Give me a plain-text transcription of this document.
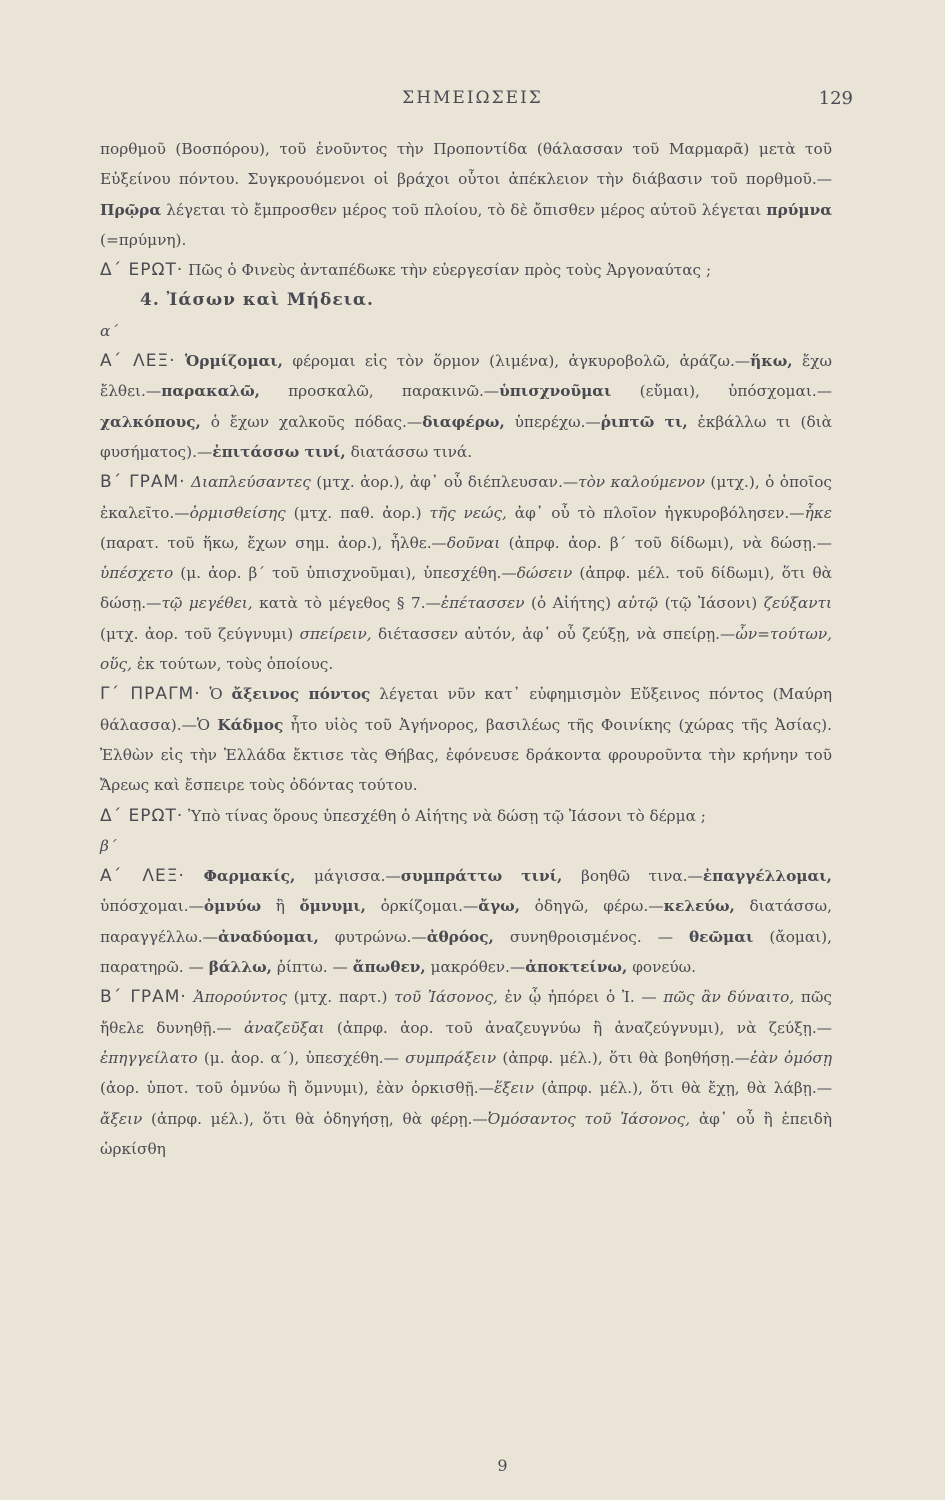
ΣΗΜΕΙΩΣΕΙΣ	129

πορθμοῦ (Βοσπόρου), τοῦ ἑνοῦντος τὴν Προποντίδα (θάλασσαν τοῦ Μαρμαρᾶ) μετὰ τοῦ Εὐξείνου πόντου. Συγκρουόμενοι οἱ βράχοι οὗτοι ἀπέκλειον τὴν διάβασιν τοῦ πορθμοῦ.—Πρῷρα λέγεται τὸ ἔμπροσθεν μέρος τοῦ πλοίου, τὸ δὲ ὄπισθεν μέρος αὐτοῦ λέγεται πρύμνα (=πρύμνη).

Δ΄ ΕΡΩΤ· Πῶς ὁ Φινεὺς ἀνταπέδωκε τὴν εὐεργεσίαν πρὸς τοὺς Ἀργοναύτας ;

4. Ἰάσων καὶ Μήδεια.

α΄

Α΄ ΛΕΞ· Ὁρμίζομαι, φέρομαι εἰς τὸν ὅρμον (λιμένα), ἀγκυροβολῶ, ἀράζω.—ἥκω, ἔχω ἔλθει.—παρακαλῶ, προσκαλῶ, παρακινῶ.—ὑπισχνοῦμαι (εὔμαι), ὑπόσχομαι.—χαλκόπους, ὁ ἔχων χαλκοῦς πόδας.—διαφέρω, ὑπερέχω.—ῥιπτῶ τι, ἐκβάλλω τι (διὰ φυσήματος).—ἐπιτάσσω τινί, διατάσσω τινά.

Β΄ ΓΡΑΜ· Διαπλεύσαντες (μτχ. ἀορ.), ἀφ᾽ οὗ διέπλευσαν.—τὸν καλούμενον (μτχ.), ὁ ὁποῖος ἐκαλεῖτο.—ὁρμισθείσης (μτχ. παθ. ἀορ.) τῆς νεώς, ἀφ᾽ οὗ τὸ πλοῖον ἠγκυροβόλησεν.—ἧκε (παρατ. τοῦ ἥκω, ἔχων σημ. ἀορ.), ἦλθε.—δοῦναι (ἀπρφ. ἀορ. β΄ τοῦ δίδωμι), νὰ δώσῃ.—ὑπέσχετο (μ. ἀορ. β΄ τοῦ ὑπισχνοῦμαι), ὑπεσχέθη.—δώσειν (ἀπρφ. μέλ. τοῦ δίδωμι), ὅτι θὰ δώσῃ.—τῷ μεγέθει, κατὰ τὸ μέγεθος § 7.—ἐπέτασσεν (ὁ Αἰήτης) αὐτῷ (τῷ Ἰάσονι) ζεύξαντι (μτχ. ἀορ. τοῦ ζεύγνυμι) σπείρειν, διέτασσεν αὐτόν, ἀφ᾽ οὗ ζεύξῃ, νὰ σπείρῃ.—ὧν=τούτων, οὕς, ἐκ τούτων, τοὺς ὁποίους.

Γ΄ ΠΡΑΓΜ· Ὁ ἄξεινος πόντος λέγεται νῦν κατ᾽ εὐφημισμὸν Εὔξεινος πόντος (Μαύρη θάλασσα).—Ὁ Κάδμος ἦτο υἱὸς τοῦ Ἀγήνορος, βασιλέως τῆς Φοινίκης (χώρας τῆς Ἀσίας). Ἐλθὼν εἰς τὴν Ἑλλάδα ἔκτισε τὰς Θήβας, ἐφόνευσε δράκοντα φρουροῦντα τὴν κρήνην τοῦ Ἄρεως καὶ ἔσπειρε τοὺς ὀδόντας τούτου.

Δ΄ ΕΡΩΤ· Ὑπὸ τίνας ὅρους ὑπεσχέθη ὁ Αἰήτης νὰ δώσῃ τῷ Ἰάσονι τὸ δέρμα ;

β΄

Α΄ ΛΕΞ· Φαρμακίς, μάγισσα.—συμπράττω τινί, βοηθῶ τινα.—ἐπαγγέλλομαι, ὑπόσχομαι.—ὀμνύω ἢ ὄμνυμι, ὁρκίζομαι.—ἄγω, ὁδηγῶ, φέρω.—κελεύω, διατάσσω, παραγγέλλω.—ἀναδύομαι, φυτρώνω.—ἀθρόος, συνηθροισμένος. — θεῶμαι (ἄομαι), παρατηρῶ. — βάλλω, ῥίπτω. — ἄπωθεν, μακρόθεν.—ἀποκτείνω, φονεύω.

Β΄ ΓΡΑΜ· Ἀπορούντος (μτχ. παρτ.) τοῦ Ἰάσονος, ἐν ᾧ ἠπόρει ὁ Ἰ. — πῶς ἂν δύναιτο, πῶς ἤθελε δυνηθῇ.— ἀναζεῦξαι (ἀπρφ. ἀορ. τοῦ ἀναζευγνύω ἢ ἀναζεύγνυμι), νὰ ζεύξῃ.—ἐπηγγείλατο (μ. ἀορ. α΄), ὑπεσχέθη.— συμπράξειν (ἀπρφ. μέλ.), ὅτι θὰ βοηθήσῃ.—ἐὰν ὀμόσῃ (ἀορ. ὑποτ. τοῦ ὀμνύω ἢ ὄμνυμι), ἐὰν ὁρκισθῇ.—ἕξειν (ἀπρφ. μέλ.), ὅτι θὰ ἔχῃ, θὰ λάβῃ.— ἄξειν (ἀπρφ. μέλ.), ὅτι θὰ ὁδηγήσῃ, θὰ φέρῃ.—Ὀμόσαντος τοῦ Ἰάσονος, ἀφ᾽ οὗ ἢ ἐπειδὴ ὡρκίσθη

9
